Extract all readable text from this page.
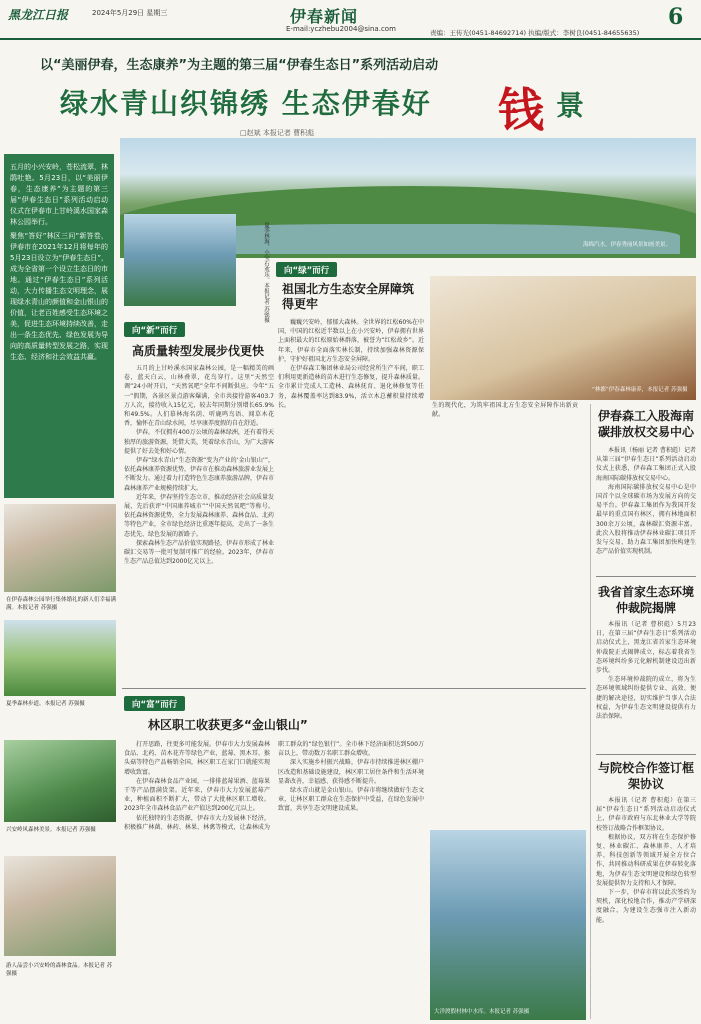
黑龙江日报	2024年5月29日 星期三	伊春新闻
E-mail:yczhebu2004@sina.com	责编：王传光(0451-84692714) 执编/版式：李树良(0451-84655635)
6
以“美丽伊春，生态康养”为主题的第三届“伊春生态日”系列活动启动
绿水青山织锦绣 生态伊春好 钱 景
□赵斌 本报记者 曹积彪
海绵汽水，伊春秀丽风景如画美景。

五月的小兴安岭，苍松流翠，林鹃吐艳。5月23日，以“美丽伊春，生态康养”为主题的第三届“伊春生态日”系列活动启动仪式在伊春市上甘岭溪水国家森林公园举行。

聚焦“答好”林区三问”新答卷，伊春市在2021年12月将每年的5月23日设立为“伊春生态日”，成为全省第一个设立生态日的市地。通过“伊春生态日”系列活动，大力传播生态文明理念，展现绿水青山的颜值和金山银山的价值，让老百姓感受生态环境之美，促进生态环境持续改善，走出一条生态优先、绿色发展为导向的高质量转型发展之路，实现生态、经济和社会效益共赢。

夏季林海，小宝石欢乐。本报记者 苏强摄
向“新”而行
高质量转型发展步伐更快

五月的上甘岭溪水国家森林公园，是一幅精美的画卷，蓝天白云，山林叠翠，花鸟穿行。这里“天然空调”24小时开启，“天然氧吧”全年不间断供应。今年“五一”假期，各景区景点游客爆满，全市共接待游客403.7万人次，接待收入15亿元，较去年同期分别增长65.9%和49.5%。人们慕林海名荫、听鹿鸣鸟语、闻草木花香，愉怀在青山绿水间，尽享康养度假的自在舒适。

伊春，不仅拥有400万公顷的森林绿洲，还有着得天独厚的旅游资源，凭借大美，凭着绿水青山，为广大游客提供了好去处和好心情。

伊春“绿水青山”生态资源“变为产业的‘金山银山’”，依托森林康养资源优势，伊春市在推动森林旅游业发展上不断发力。通过着力打造特色生态康养旅游品牌，伊春市森林康养产业规模持续扩大。

近年来，伊春坚持生态立市，推动经济社会高质量发展，先后获评“中国康养城市”“中国天然氧吧”等称号。依托森林资源优势，全力发展森林康养、森林食品、北药等特色产业，全市绿色经济比重逐年提高，走出了一条生态优先、绿色发展的新路子。

探索森林生态产品价值实现路径，伊春市形成了林业碳汇交易等一批可复制可推广的经验。2023年，伊春市生态产品总值达到2000亿元以上。

在伊春森林公园举行集体婚礼的新人们幸福满满。本报记者 苏强摄
夏季森林步道。本报记者 苏强摄
兴安岭风森林美景。本报记者 苏强摄
游人品尝小兴安岭的森林食品。本报记者 苏强摄
向“绿”而行
祖国北方生态安全屏障筑得更牢

巍巍兴安岭，郁郁大森林。全世界的红松60%在中国，中国的红松近半数以上在小兴安岭，伊春拥有世界上面积最大的红松原始林群落，被誉为“红松故乡”。近年来，伊春市全面落实林长制，持续加强森林资源保护，守护好祖国北方生态安全屏障。

在伊春森工集团林业局公司经营所生产车间，职工们利用更新造林的苗木进行生态修复，提升森林质量。全市累计完成人工造林、森林抚育、退化林修复等任务，森林覆盖率达到83.9%，活立木总蓄积量持续增长。	生的现代化，为筑牢祖国北方生态安全屏障作出新贡献。

“林都”伊春森林康养，本报记者 苏强摄
伊春森工入股海南碳排放权交易中心

本报讯（杨丽 记者 曹积彪）记者从第三届“伊春生态日”系列活动启动仪式上获悉，伊春森工集团正式入股海南国际碳排放权交易中心。

海南国际碳排放权交易中心是中国首个以全球碳市场为发展方向的交易平台。伊春森工集团作为我国开发最早的重点国有林区，拥有林地面积300余万公顷，森林碳汇资源丰富。此次入股将推动伊春林业碳汇项目开发与交易，助力森工集团加快构建生态产品价值实现机制。

我省首家生态环境仲裁院揭牌

本报讯（记者 曹积彪）5月23日，在第三届“伊春生态日”系列活动启动仪式上，黑龙江省首家生态环境仲裁院正式揭牌成立，标志着我省生态环境纠纷多元化解机制建设迈出新步伐。

生态环境仲裁院的成立，将为生态环境领域纠纷提供专业、高效、便捷的解决途径，切实维护当事人合法权益，为伊春生态文明建设提供有力法治保障。

与院校合作签订框架协议

本报讯（记者 曹积彪）在第三届“伊春生态日”系列活动启动仪式上，伊春市政府与东北林业大学等院校签订战略合作框架协议。

根据协议，双方将在生态保护修复、林业碳汇、森林康养、人才培养、科技创新等领域开展全方位合作，共同推动科研成果在伊春转化落地，为伊春生态文明建设和绿色转型发展提供智力支持和人才保障。

下一步，伊春市将以此次签约为契机，深化校地合作，推动产学研深度融合，为建设生态强市注入新动能。

向“富”而行
林区职工收获更多“金山银山”

打开思路，往更多可能发展。伊春市大力发展森林食品、北药、苗木花卉等绿色产业，蓝莓、黑木耳、猴头菇等特色产品畅销全国，林区职工在家门口就能实现增收致富。

在伊春森林食品产业园，一排排蓝莓果酒、蓝莓果干等产品摆满货架。近年来，伊春市大力发展蓝莓产业，种植面积不断扩大，带动了大批林区职工增收。2023年全市森林食品产业产值达到200亿元以上。

依托独特的生态资源，伊春市大力发展林下经济，积极推广林菌、林药、林果、林禽等模式，让森林成为职工群众的“绿色银行”。全市林下经济面积达到500万亩以上，带动数万名职工群众增收。

深入实施乡村振兴战略，伊春市持续推进林区棚户区改造和基础设施建设，林区职工居住条件和生活环境显著改善，幸福感、获得感不断提升。

绿水青山就是金山银山。伊春市将继续做好生态文章，让林区职工群众在生态保护中受益，在绿色发展中致富，共享生态文明建设成果。

大洋渡假村林中水库。本报记者 苏强摄
